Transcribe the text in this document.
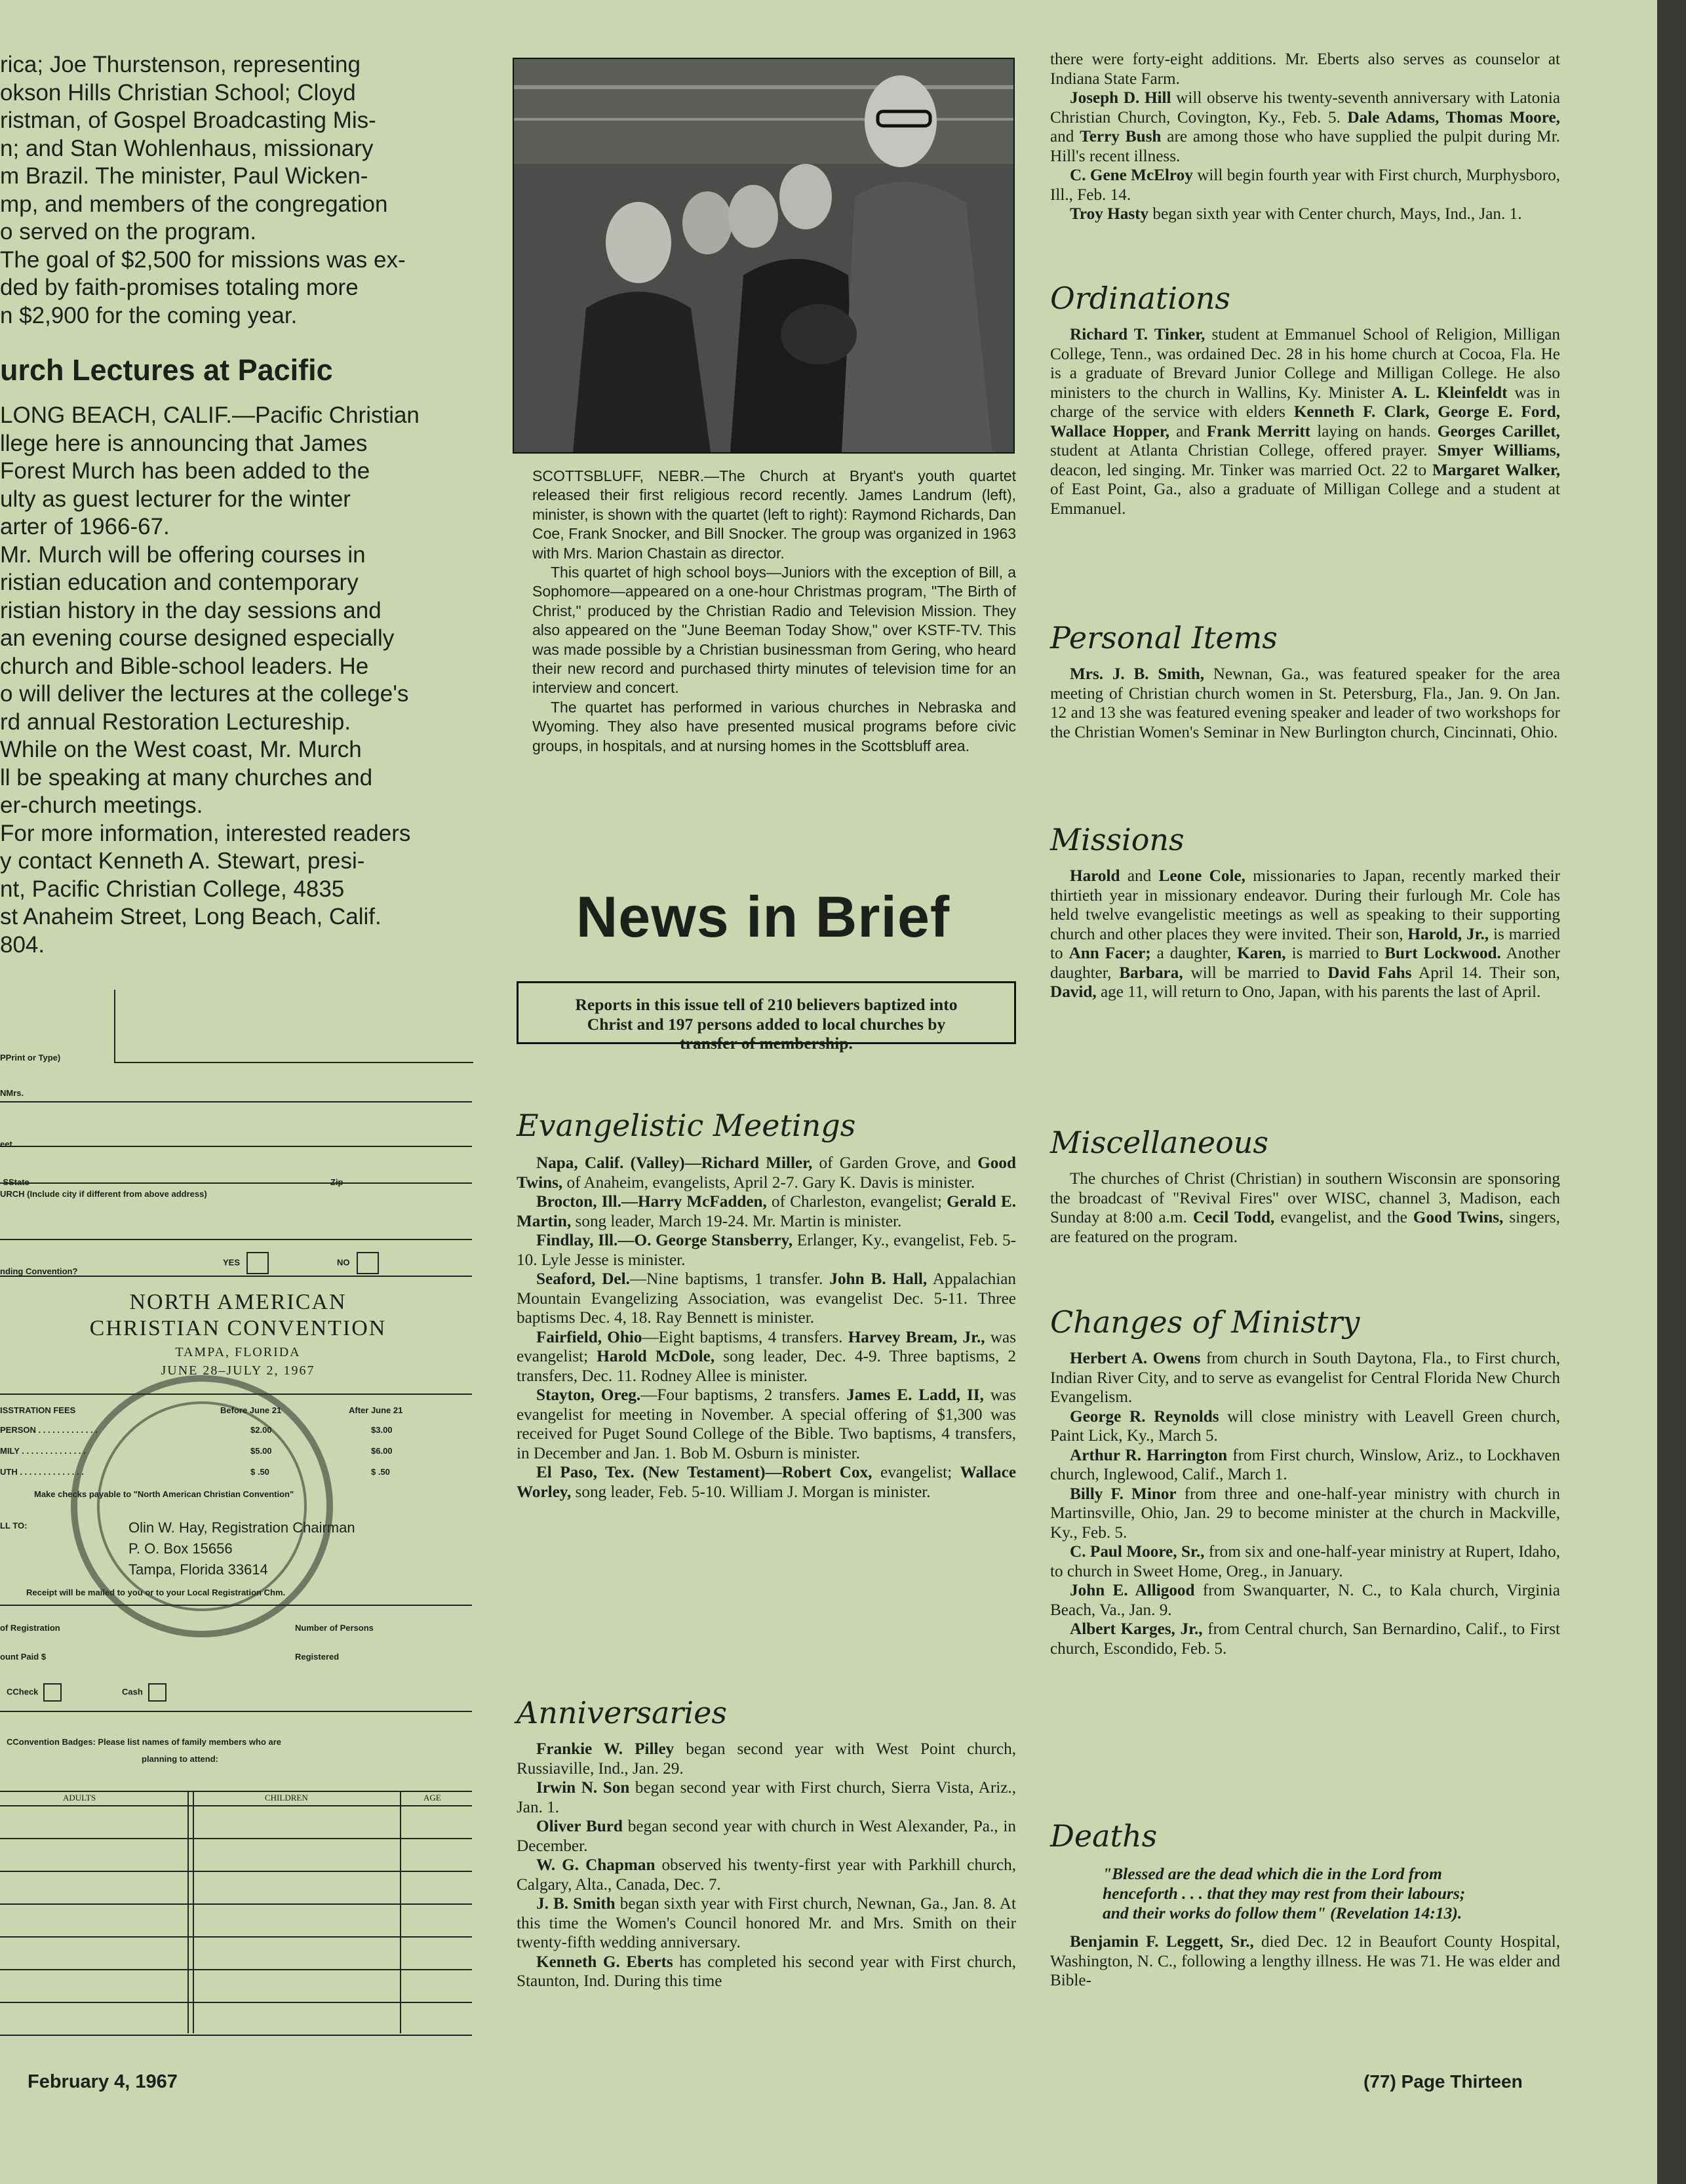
rica; Joe Thurstenson, representing

okson Hills Christian School; Cloyd

ristman, of Gospel Broadcasting Mis-

n; and Stan Wohlenhaus, missionary

m Brazil. The minister, Paul Wicken-

mp, and members of the congregation

o served on the program.

The goal of $2,500 for missions was ex-

ded by faith-promises totaling more

n $2,900 for the coming year.

urch Lectures at Pacific

LONG BEACH, CALIF.—Pacific Christian

llege here is announcing that James

Forest Murch has been added to the

ulty as guest lecturer for the winter

arter of 1966-67.

Mr. Murch will be offering courses in

ristian education and contemporary

ristian history in the day sessions and

an evening course designed especially

church and Bible-school leaders. He

o will deliver the lectures at the college's

rd annual Restoration Lectureship.

While on the West coast, Mr. Murch

ll be speaking at many churches and

er-church meetings.

For more information, interested readers

y contact Kenneth A. Stewart, presi-

nt, Pacific Christian College, 4835

st Anaheim Street, Long Beach, Calif.

804.

PPrint or Type)
NMrs.
eet
-SState	Zip
URCH (Include city if different from above address)
nding Convention?
YES	NO
NORTH AMERICAN
CHRISTIAN CONVENTION
TAMPA, FLORIDA
JUNE 28–JULY 2, 1967
ISSTRATION FEES	Before June 21	After June 21
PERSON . . . . . . . . . . . . .	$2.00	$3.00
MILY . . . . . . . . . . . . . .	$5.00	$6.00
UTH . . . . . . . . . . . . . .	$ .50	$ .50
Make checks payable to "North American Christian Convention"
LL TO:	Olin W. Hay, Registration Chairman
P. O. Box 15656
Tampa, Florida 33614
Receipt will be mailed to you or to your Local Registration Chm.
of Registration	Number of Persons
ount Paid $	Registered
CCheck	Cash
CConvention Badges: Please list names of family members who are
planning to attend:
ADULTS	CHILDREN	AGE

SCOTTSBLUFF, NEBR.—The Church at Bryant's youth quartet released their first religious record recently. James Landrum (left), minister, is shown with the quartet (left to right): Raymond Richards, Dan Coe, Frank Snocker, and Bill Snocker. The group was organized in 1963 with Mrs. Marion Chastain as director.

This quartet of high school boys—Juniors with the exception of Bill, a Sophomore—appeared on a one-hour Christmas program, "The Birth of Christ," produced by the Christian Radio and Television Mission. They also appeared on the "June Beeman Today Show," over KSTF-TV. This was made possible by a Christian businessman from Gering, who heard their new record and purchased thirty minutes of television time for an interview and concert.

The quartet has performed in various churches in Nebraska and Wyoming. They also have presented musical programs before civic groups, in hospitals, and at nursing homes in the Scottsbluff area.

News in Brief
Reports in this issue tell of 210 believers baptized into Christ and 197 persons added to local churches by transfer of membership.
Evangelistic Meetings

Napa, Calif. (Valley)—Richard Miller, of Garden Grove, and Good Twins, of Anaheim, evangelists, April 2-7. Gary K. Davis is minister.

Brocton, Ill.—Harry McFadden, of Charleston, evangelist; Gerald E. Martin, song leader, March 19-24. Mr. Martin is minister.

Findlay, Ill.—O. George Stansberry, Erlanger, Ky., evangelist, Feb. 5-10. Lyle Jesse is minister.

Seaford, Del.—Nine baptisms, 1 transfer. John B. Hall, Appalachian Mountain Evangelizing Association, was evangelist Dec. 5-11. Three baptisms Dec. 4, 18. Ray Bennett is minister.

Fairfield, Ohio—Eight baptisms, 4 transfers. Harvey Bream, Jr., was evangelist; Harold McDole, song leader, Dec. 4-9. Three baptisms, 2 transfers, Dec. 11. Rodney Allee is minister.

Stayton, Oreg.—Four baptisms, 2 transfers. James E. Ladd, II, was evangelist for meeting in November. A special offering of $1,300 was received for Puget Sound College of the Bible. Two baptisms, 4 transfers, in December and Jan. 1. Bob M. Osburn is minister.

El Paso, Tex. (New Testament)—Robert Cox, evangelist; Wallace Worley, song leader, Feb. 5-10. William J. Morgan is minister.

Anniversaries

Frankie W. Pilley began second year with West Point church, Russiaville, Ind., Jan. 29.

Irwin N. Son began second year with First church, Sierra Vista, Ariz., Jan. 1.

Oliver Burd began second year with church in West Alexander, Pa., in December.

W. G. Chapman observed his twenty-first year with Parkhill church, Calgary, Alta., Canada, Dec. 7.

J. B. Smith began sixth year with First church, Newnan, Ga., Jan. 8. At this time the Women's Council honored Mr. and Mrs. Smith on their twenty-fifth wedding anniversary.

Kenneth G. Eberts has completed his second year with First church, Staunton, Ind. During this time

there were forty-eight additions. Mr. Eberts also serves as counselor at Indiana State Farm.

Joseph D. Hill will observe his twenty-seventh anniversary with Latonia Christian Church, Covington, Ky., Feb. 5. Dale Adams, Thomas Moore, and Terry Bush are among those who have supplied the pulpit during Mr. Hill's recent illness.

C. Gene McElroy will begin fourth year with First church, Murphysboro, Ill., Feb. 14.

Troy Hasty began sixth year with Center church, Mays, Ind., Jan. 1.

Ordinations

Richard T. Tinker, student at Emmanuel School of Religion, Milligan College, Tenn., was ordained Dec. 28 in his home church at Cocoa, Fla. He is a graduate of Brevard Junior College and Milligan College. He also ministers to the church in Wallins, Ky. Minister A. L. Kleinfeldt was in charge of the service with elders Kenneth F. Clark, George E. Ford, Wallace Hopper, and Frank Merritt laying on hands. Georges Carillet, student at Atlanta Christian College, offered prayer. Smyer Williams, deacon, led singing. Mr. Tinker was married Oct. 22 to Margaret Walker, of East Point, Ga., also a graduate of Milligan College and a student at Emmanuel.

Personal Items

Mrs. J. B. Smith, Newnan, Ga., was featured speaker for the area meeting of Christian church women in St. Petersburg, Fla., Jan. 9. On Jan. 12 and 13 she was featured evening speaker and leader of two workshops for the Christian Women's Seminar in New Burlington church, Cincinnati, Ohio.

Missions

Harold and Leone Cole, missionaries to Japan, recently marked their thirtieth year in missionary endeavor. During their furlough Mr. Cole has held twelve evangelistic meetings as well as speaking to their supporting church and other places they were invited. Their son, Harold, Jr., is married to Ann Facer; a daughter, Karen, is married to Burt Lockwood. Another daughter, Barbara, will be married to David Fahs April 14. Their son, David, age 11, will return to Ono, Japan, with his parents the last of April.

Miscellaneous

The churches of Christ (Christian) in southern Wisconsin are sponsoring the broadcast of "Revival Fires" over WISC, channel 3, Madison, each Sunday at 8:00 a.m. Cecil Todd, evangelist, and the Good Twins, singers, are featured on the program.

Changes of Ministry

Herbert A. Owens from church in South Daytona, Fla., to First church, Indian River City, and to serve as evangelist for Central Florida New Church Evangelism.

George R. Reynolds will close ministry with Leavell Green church, Paint Lick, Ky., March 5.

Arthur R. Harrington from First church, Winslow, Ariz., to Lockhaven church, Inglewood, Calif., March 1.

Billy F. Minor from three and one-half-year ministry with church in Martinsville, Ohio, Jan. 29 to become minister at the church in Mackville, Ky., Feb. 5.

C. Paul Moore, Sr., from six and one-half-year ministry at Rupert, Idaho, to church in Sweet Home, Oreg., in January.

John E. Alligood from Swanquarter, N. C., to Kala church, Virginia Beach, Va., Jan. 9.

Albert Karges, Jr., from Central church, San Bernardino, Calif., to First church, Escondido, Feb. 5.

Deaths
"Blessed are the dead which die in the Lord from henceforth . . . that they may rest from their labours; and their works do follow them" (Revelation 14:13).

Benjamin F. Leggett, Sr., died Dec. 12 in Beaufort County Hospital, Washington, N. C., following a lengthy illness. He was 71. He was elder and Bible-

February 4, 1967	(77) Page Thirteen
